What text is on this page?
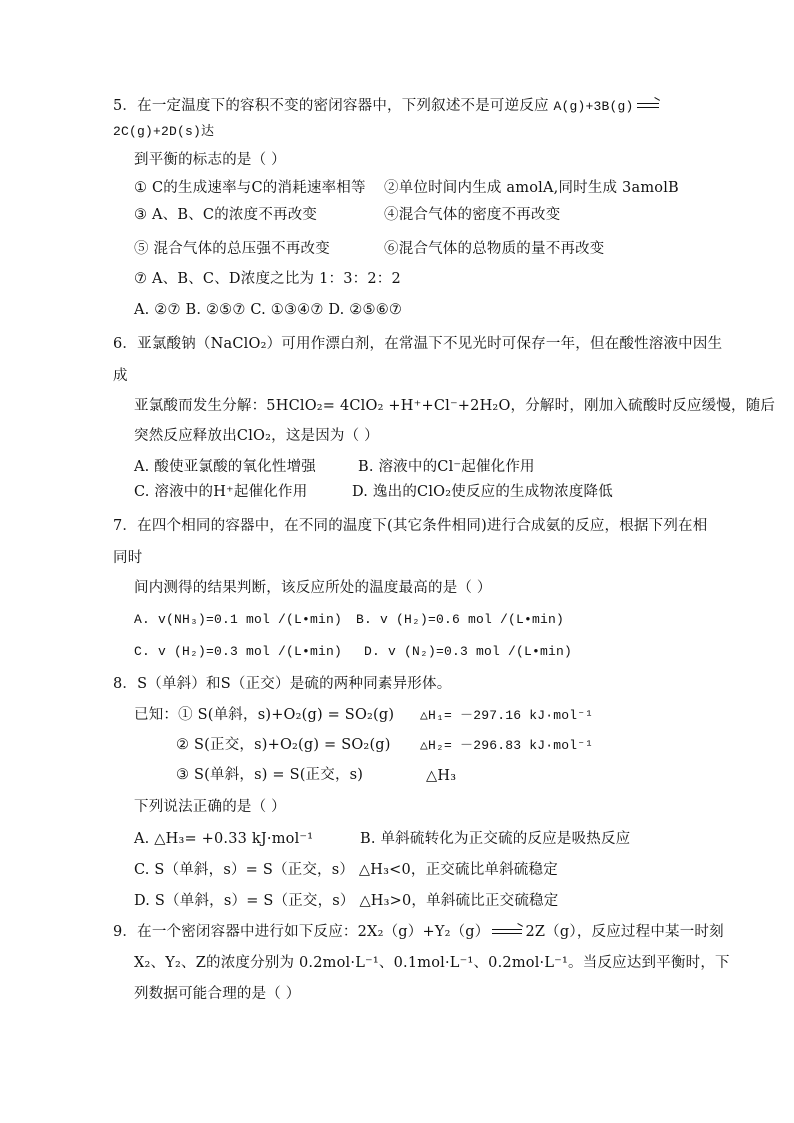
5．在一定温度下的容积不变的密闭容器中，下列叙述不是可逆反应 A(g)+3B(g) →
2C(g)+2D(s)达
到平衡的标志的是（ ）
① C的生成速率与C的消耗速率相等 ②单位时间内生成 amolA,同时生成 3amolB
③ A、B、C的浓度不再改变	④混合气体的密度不再改变
⑤ 混合气体的总压强不再改变	⑥混合气体的总物质的量不再改变
⑦ A、B、C、D浓度之比为 1：3：2：2
A. ②⑦ B. ②⑤⑦ C. ①③④⑦ D. ②⑤⑥⑦
6．亚氯酸钠（NaClO₂）可用作漂白剂，在常温下不见光时可保存一年，但在酸性溶液中因生
成
亚氯酸而发生分解：5HClO₂= 4ClO₂ +H⁺+Cl⁻+2H₂O，分解时，刚加入硫酸时反应缓慢，随后
突然反应释放出ClO₂，这是因为（ ）
A. 酸使亚氯酸的氧化性增强	B. 溶液中的Cl⁻起催化作用
C. 溶液中的H⁺起催化作用	D. 逸出的ClO₂使反应的生成物浓度降低
7．在四个相同的容器中，在不同的温度下(其它条件相同)进行合成氨的反应，根据下列在相
同时
间内测得的结果判断，该反应所处的温度最高的是（ ）
A. v(NH₃)=0.1 mol /(L•min) B. v (H₂)=0.6 mol /(L•min)
C. v (H₂)=0.3 mol /(L•min) D. v (N₂)=0.3 mol /(L•min)
8．S（单斜）和S（正交）是硫的两种同素异形体。
已知：① S(单斜，s)+O₂(g) = SO₂(g) △H₁= －297.16 kJ·mol⁻¹
② S(正交，s)+O₂(g) = SO₂(g) △H₂= －296.83 kJ·mol⁻¹
③ S(单斜，s) = S(正交，s)	△H₃
下列说法正确的是（ ）
A. △H₃= +0.33 kJ·mol⁻¹	B. 单斜硫转化为正交硫的反应是吸热反应
C. S（单斜，s）= S（正交，s） △H₃<0，正交硫比单斜硫稳定
D. S（单斜，s）= S（正交，s） △H₃>0，单斜硫比正交硫稳定
9．在一个密闭容器中进行如下反应：2X₂（g）+Y₂（g） → 2Z（g），反应过程中某一时刻
X₂、Y₂、Z的浓度分别为 0.2mol·L⁻¹、0.1mol·L⁻¹、0.2mol·L⁻¹。当反应达到平衡时，下
列数据可能合理的是（ ）
